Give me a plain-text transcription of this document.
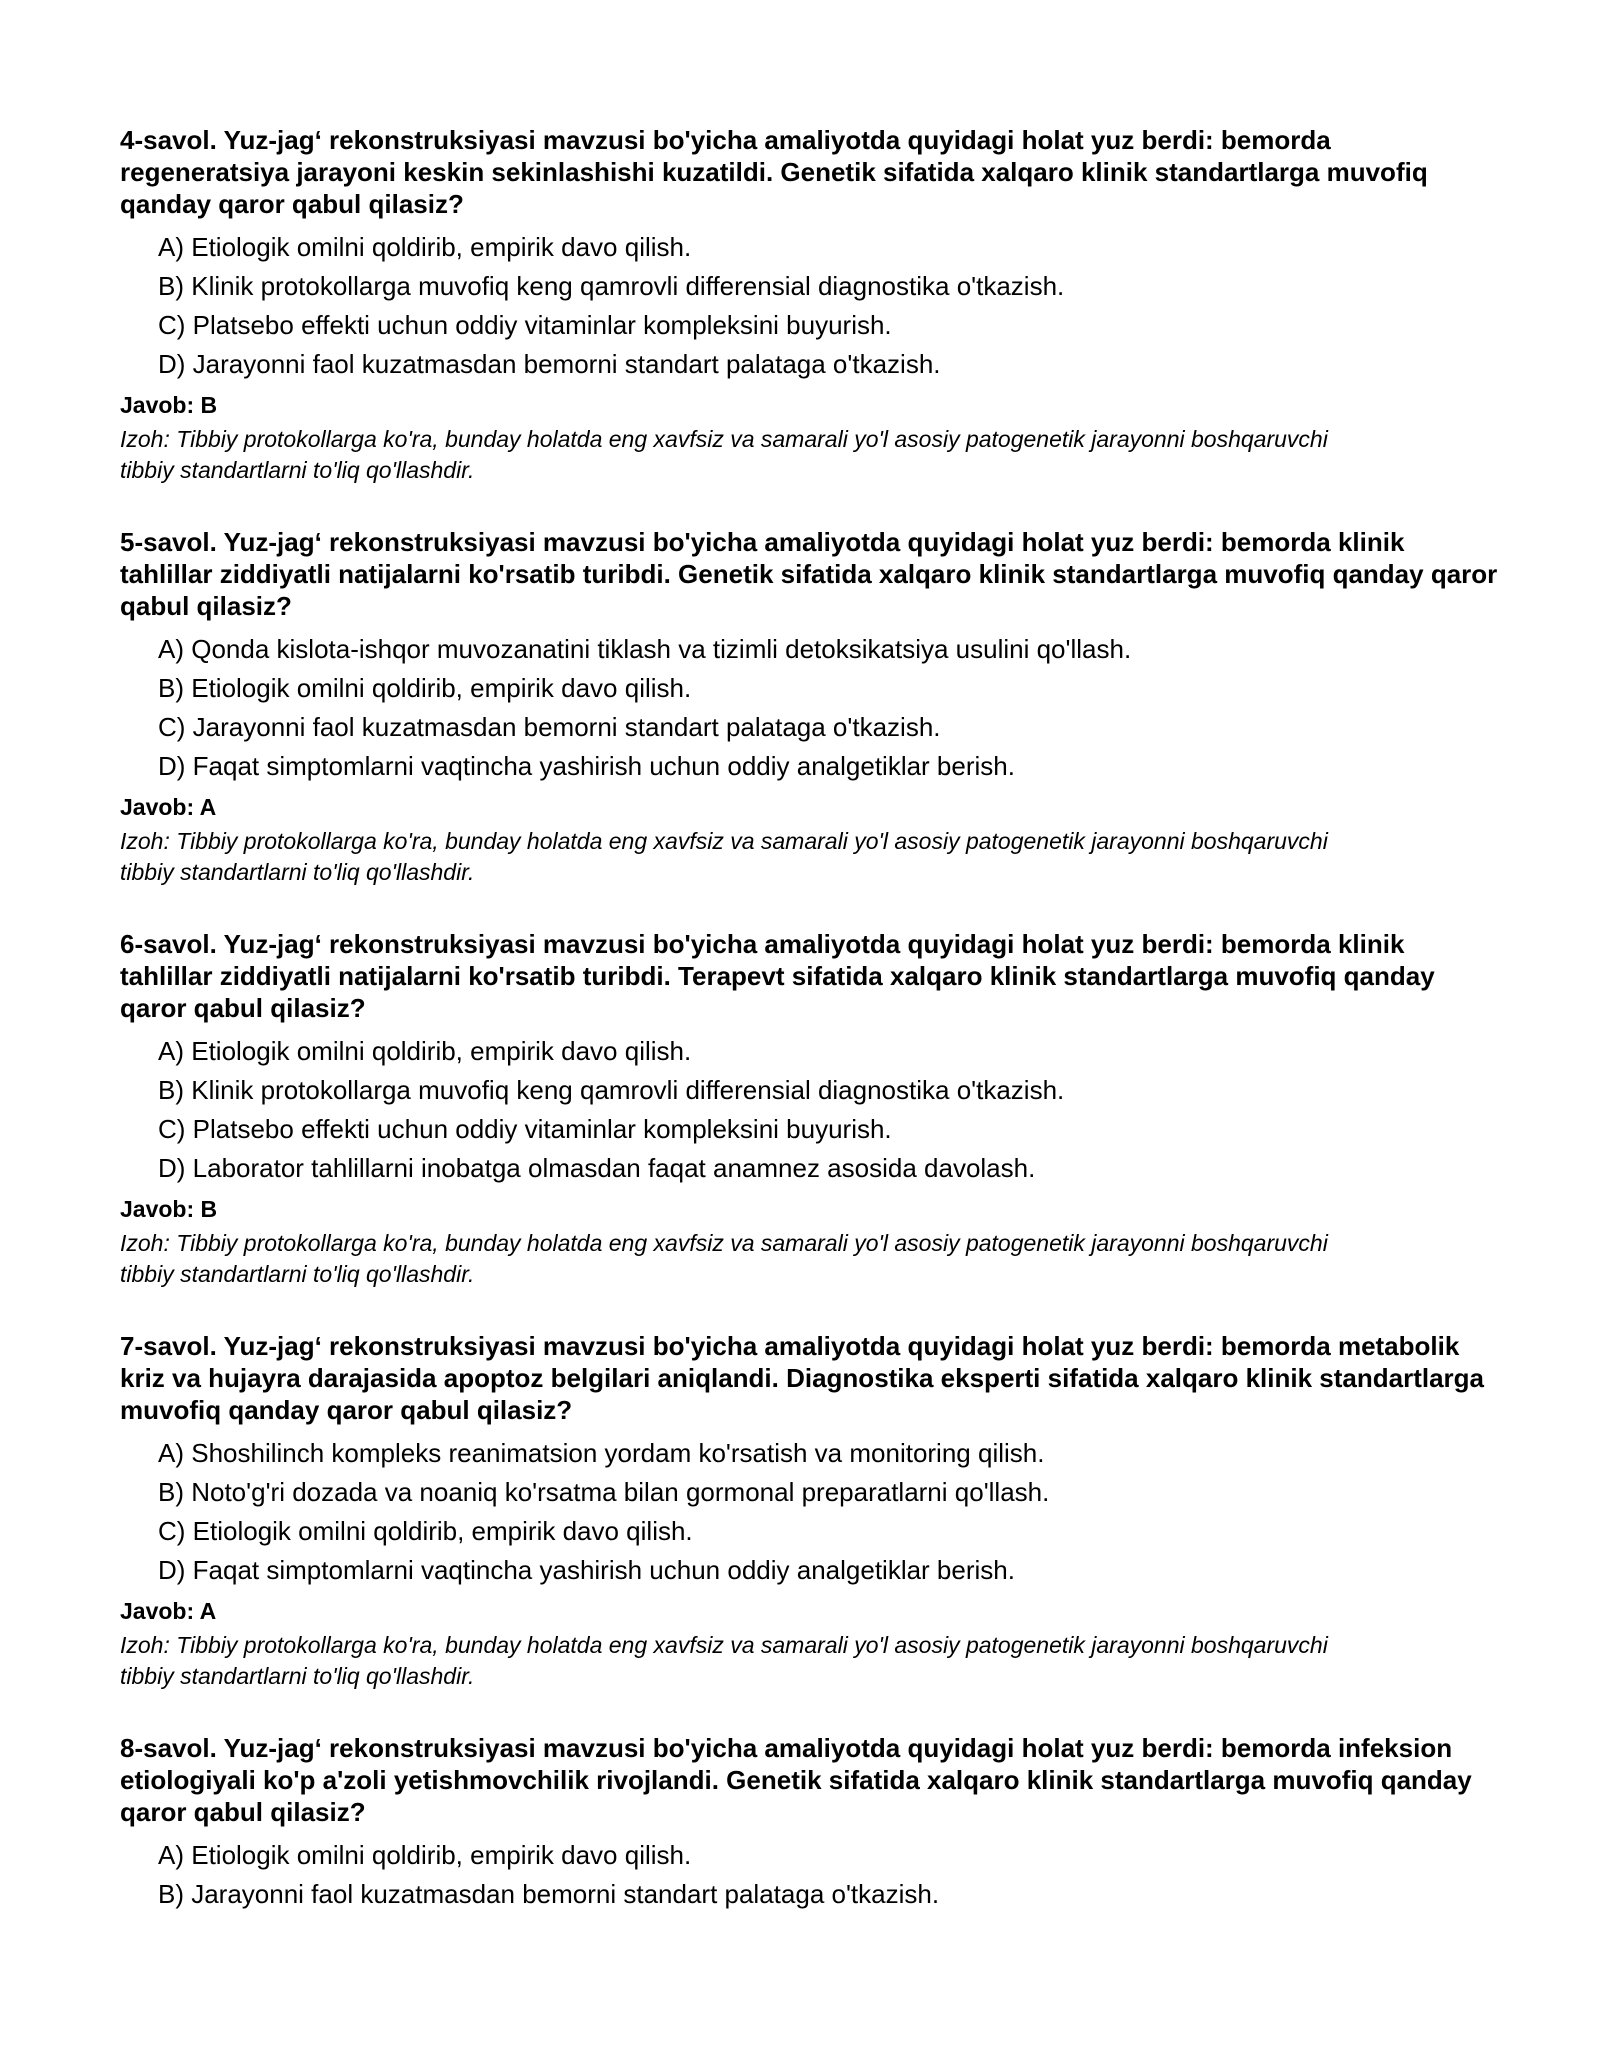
4-savol. Yuz-jag‘ rekonstruksiyasi mavzusi bo'yicha amaliyotda quyidagi holat yuz berdi: bemorda regeneratsiya jarayoni keskin sekinlashishi kuzatildi. Genetik sifatida xalqaro klinik standartlarga muvofiq qanday qaror qabul qilasiz?

A) Etiologik omilni qoldirib, empirik davo qilish.
B) Klinik protokollarga muvofiq keng qamrovli differensial diagnostika o'tkazish.
C) Platsebo effekti uchun oddiy vitaminlar kompleksini buyurish.
D) Jarayonni faol kuzatmasdan bemorni standart palataga o'tkazish.

Javob: B

Izoh: Tibbiy protokollarga ko'ra, bunday holatda eng xavfsiz va samarali yo'l asosiy patogenetik jarayonni boshqaruvchi tibbiy standartlarni to'liq qo'llashdir.

5-savol. Yuz-jag‘ rekonstruksiyasi mavzusi bo'yicha amaliyotda quyidagi holat yuz berdi: bemorda klinik tahlillar ziddiyatli natijalarni ko'rsatib turibdi. Genetik sifatida xalqaro klinik standartlarga muvofiq qanday qaror qabul qilasiz?

A) Qonda kislota-ishqor muvozanatini tiklash va tizimli detoksikatsiya usulini qo'llash.
B) Etiologik omilni qoldirib, empirik davo qilish.
C) Jarayonni faol kuzatmasdan bemorni standart palataga o'tkazish.
D) Faqat simptomlarni vaqtincha yashirish uchun oddiy analgetiklar berish.

Javob: A

Izoh: Tibbiy protokollarga ko'ra, bunday holatda eng xavfsiz va samarali yo'l asosiy patogenetik jarayonni boshqaruvchi tibbiy standartlarni to'liq qo'llashdir.

6-savol. Yuz-jag‘ rekonstruksiyasi mavzusi bo'yicha amaliyotda quyidagi holat yuz berdi: bemorda klinik tahlillar ziddiyatli natijalarni ko'rsatib turibdi. Terapevt sifatida xalqaro klinik standartlarga muvofiq qanday qaror qabul qilasiz?

A) Etiologik omilni qoldirib, empirik davo qilish.
B) Klinik protokollarga muvofiq keng qamrovli differensial diagnostika o'tkazish.
C) Platsebo effekti uchun oddiy vitaminlar kompleksini buyurish.
D) Laborator tahlillarni inobatga olmasdan faqat anamnez asosida davolash.

Javob: B

Izoh: Tibbiy protokollarga ko'ra, bunday holatda eng xavfsiz va samarali yo'l asosiy patogenetik jarayonni boshqaruvchi tibbiy standartlarni to'liq qo'llashdir.

7-savol. Yuz-jag‘ rekonstruksiyasi mavzusi bo'yicha amaliyotda quyidagi holat yuz berdi: bemorda metabolik kriz va hujayra darajasida apoptoz belgilari aniqlandi. Diagnostika eksperti sifatida xalqaro klinik standartlarga muvofiq qanday qaror qabul qilasiz?

A) Shoshilinch kompleks reanimatsion yordam ko'rsatish va monitoring qilish.
B) Noto'g'ri dozada va noaniq ko'rsatma bilan gormonal preparatlarni qo'llash.
C) Etiologik omilni qoldirib, empirik davo qilish.
D) Faqat simptomlarni vaqtincha yashirish uchun oddiy analgetiklar berish.

Javob: A

Izoh: Tibbiy protokollarga ko'ra, bunday holatda eng xavfsiz va samarali yo'l asosiy patogenetik jarayonni boshqaruvchi tibbiy standartlarni to'liq qo'llashdir.

8-savol. Yuz-jag‘ rekonstruksiyasi mavzusi bo'yicha amaliyotda quyidagi holat yuz berdi: bemorda infeksion etiologiyali ko'p a'zoli yetishmovchilik rivojlandi. Genetik sifatida xalqaro klinik standartlarga muvofiq qanday qaror qabul qilasiz?

A) Etiologik omilni qoldirib, empirik davo qilish.
B) Jarayonni faol kuzatmasdan bemorni standart palataga o'tkazish.
